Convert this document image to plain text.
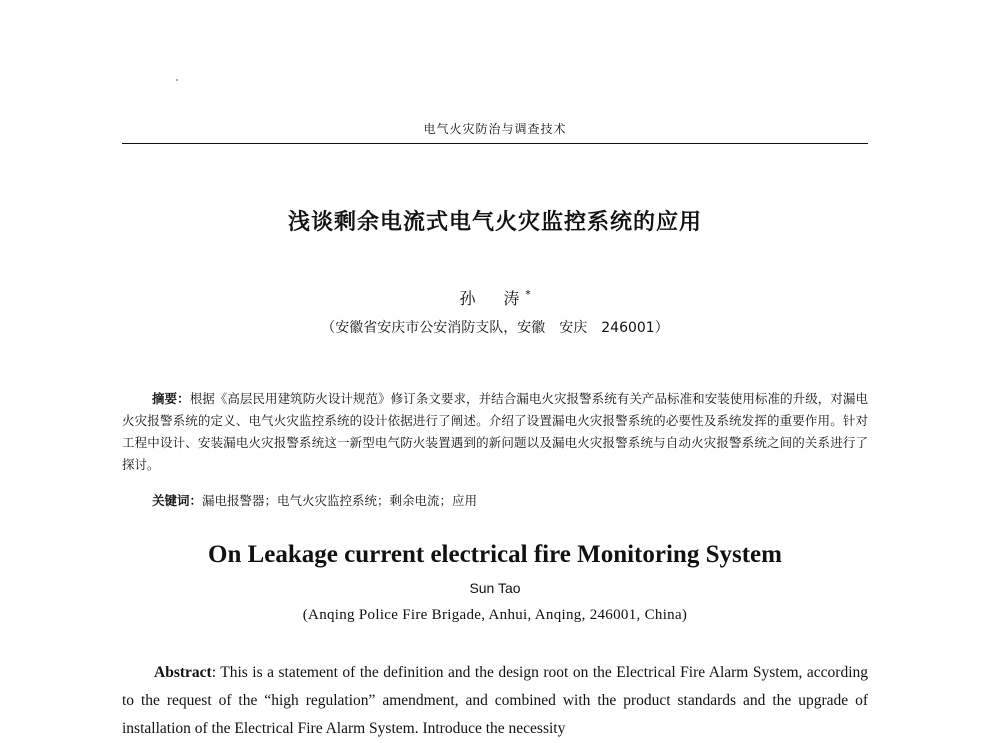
电气火灾防治与调查技术
浅谈剩余电流式电气火灾监控系统的应用
孙　涛*
（安徽省安庆市公安消防支队，安徽　安庆　246001）
摘要：根据《高层民用建筑防火设计规范》修订条文要求，并结合漏电火灾报警系统有关产品标准和安装使用标准的升级，对漏电火灾报警系统的定义、电气火灾监控系统的设计依据进行了阐述。介绍了设置漏电火灾报警系统的必要性及系统发挥的重要作用。针对工程中设计、安装漏电火灾报警系统这一新型电气防火装置遇到的新问题以及漏电火灾报警系统与自动火灾报警系统之间的关系进行了探讨。
关键词：漏电报警器；电气火灾监控系统；剩余电流；应用
On Leakage current electrical fire Monitoring System
Sun Tao
(Anqing Police Fire Brigade, Anhui, Anqing, 246001, China)
Abstract: This is a statement of the definition and the design root on the Electrical Fire Alarm System, according to the request of the “high regulation” amendment, and combined with the product standards and the upgrade of installation of the Electrical Fire Alarm System. Introduce the necessity
